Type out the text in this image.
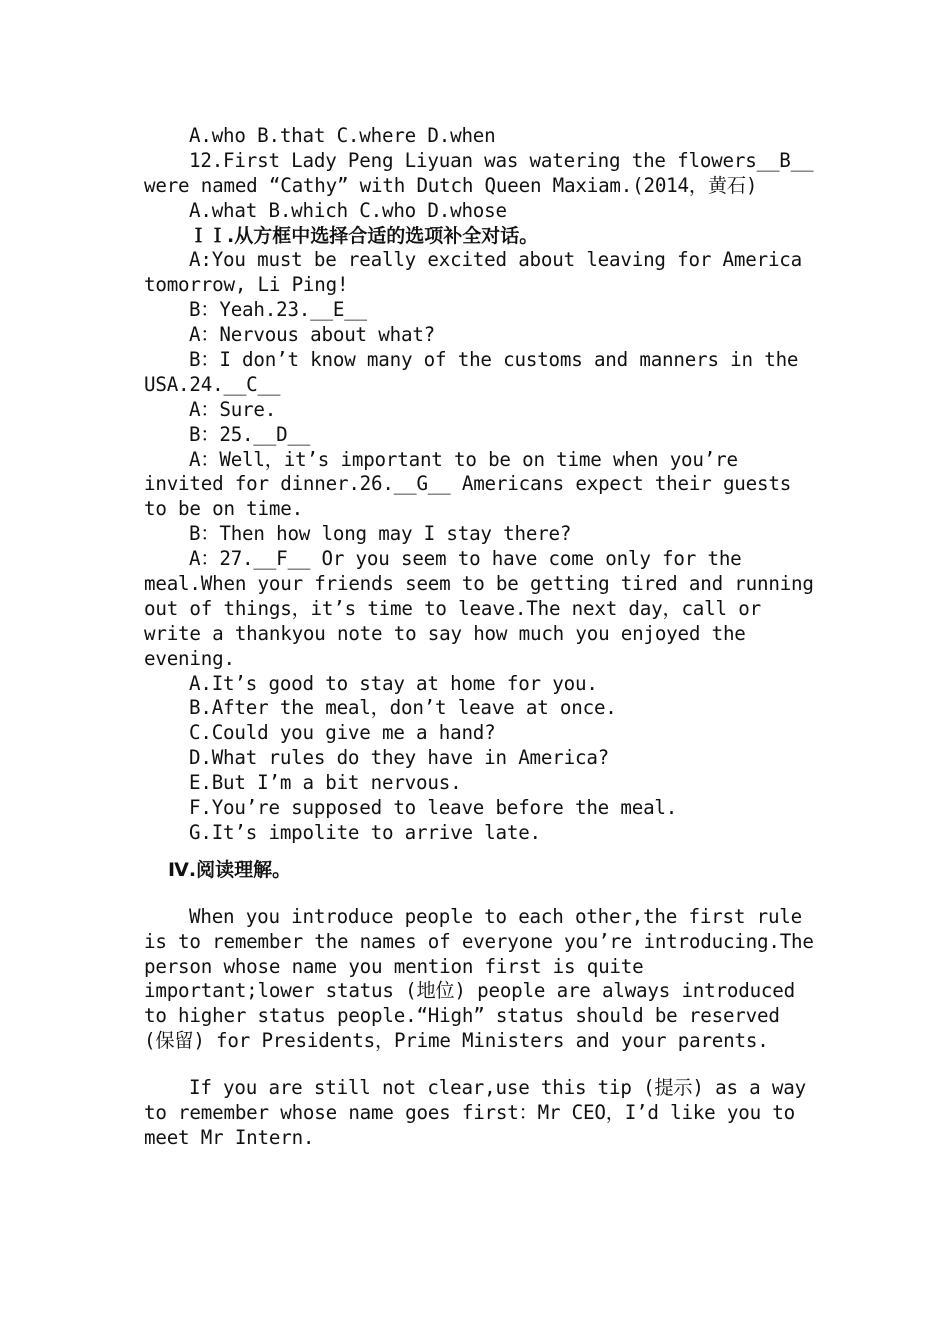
A.who B.that C.where D.when
12.First Lady Peng Liyuan was watering the flowers__B__
were named “Cathy” with Dutch Queen Maxiam.(2014，黄石)
A.what B.which C.who D.whose
ＩＩ.从方框中选择合适的选项补全对话。
A:You must be really excited about leaving for America
tomorrow, Li Ping!
B：Yeah.23.__E__
A：Nervous about what?
B：I don’t know many of the customs and manners in the
USA.24.__C__
A：Sure.
B：25.__D__
A：Well，it’s important to be on time when you’re
invited for dinner.26.__G__ Americans expect their guests
to be on time.
B：Then how long may I stay there?
A：27.__F__ Or you seem to have come only for the
meal.When your friends seem to be getting tired and running
out of things，it’s time to leave.The next day，call or
write a thankyou note to say how much you enjoyed the
evening.
A.It’s good to stay at home for you.
B.After the meal，don’t leave at once.
C.Could you give me a hand?
D.What rules do they have in America?
E.But I’m a bit nervous.
F.You’re supposed to leave before the meal.
G.It’s impolite to arrive late.
Ⅳ.阅读理解。
When you introduce people to each other,the first rule
is to remember the names of everyone you’re introducing.The
person whose name you mention first is quite
important;lower status (地位) people are always introduced
to higher status people.“High” status should be reserved
(保留) for Presidents，Prime Ministers and your parents.
If you are still not clear,use this tip (提示) as a way
to remember whose name goes first：Mr CEO，I’d like you to
meet Mr Intern.
